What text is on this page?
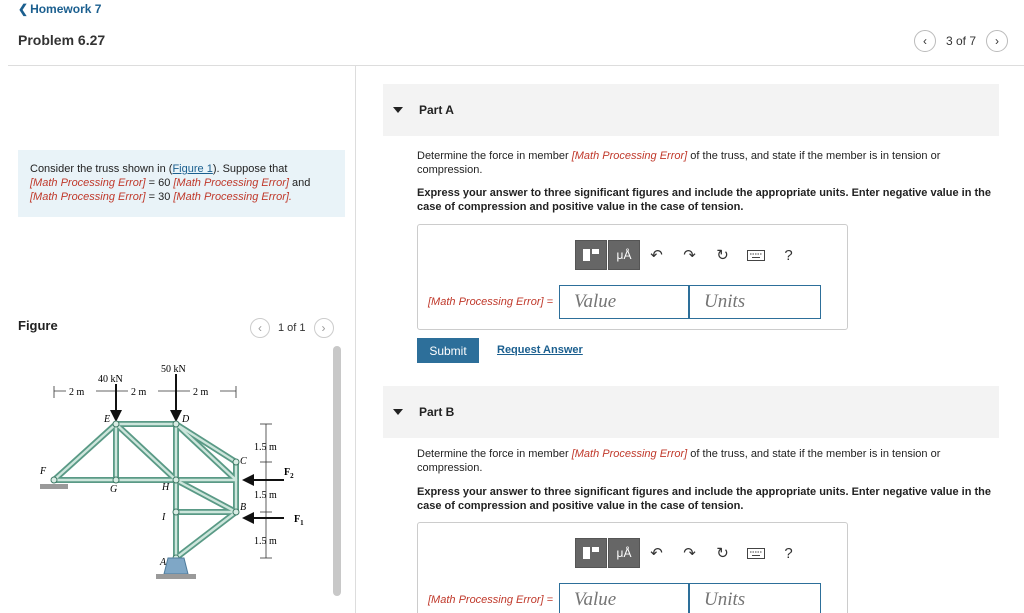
❮ Homework 7
Problem 6.27	‹ 3 of 7 ›
Consider the truss shown in (Figure 1). Suppose that
[Math Processing Error] = 60 [Math Processing Error] and
[Math Processing Error] = 30 [Math Processing Error].
Figure	‹ 1 of 1 ›
2 m	2 m	2 m
40 kN
50 kN
F
E	D
C
G	H
B
I
A
1.5 m
1.5 m
1.5 m
$F_2$
$F_1$
Part A
Determine the force in member [Math Processing Error] of the truss, and state if the member is in tension or compression.
Express your answer to three significant figures and include the appropriate units. Enter negative value in the case of compression and positive value in the case of tension.
μÅ ↶ ↷ ↻	?
[Math Processing Error] =
Value
Units
Submit	Request Answer
Part B
Determine the force in member [Math Processing Error] of the truss, and state if the member is in tension or compression.
Express your answer to three significant figures and include the appropriate units. Enter negative value in the case of compression and positive value in the case of tension.
μÅ ↶ ↷ ↻	?
[Math Processing Error] =
Value
Units
